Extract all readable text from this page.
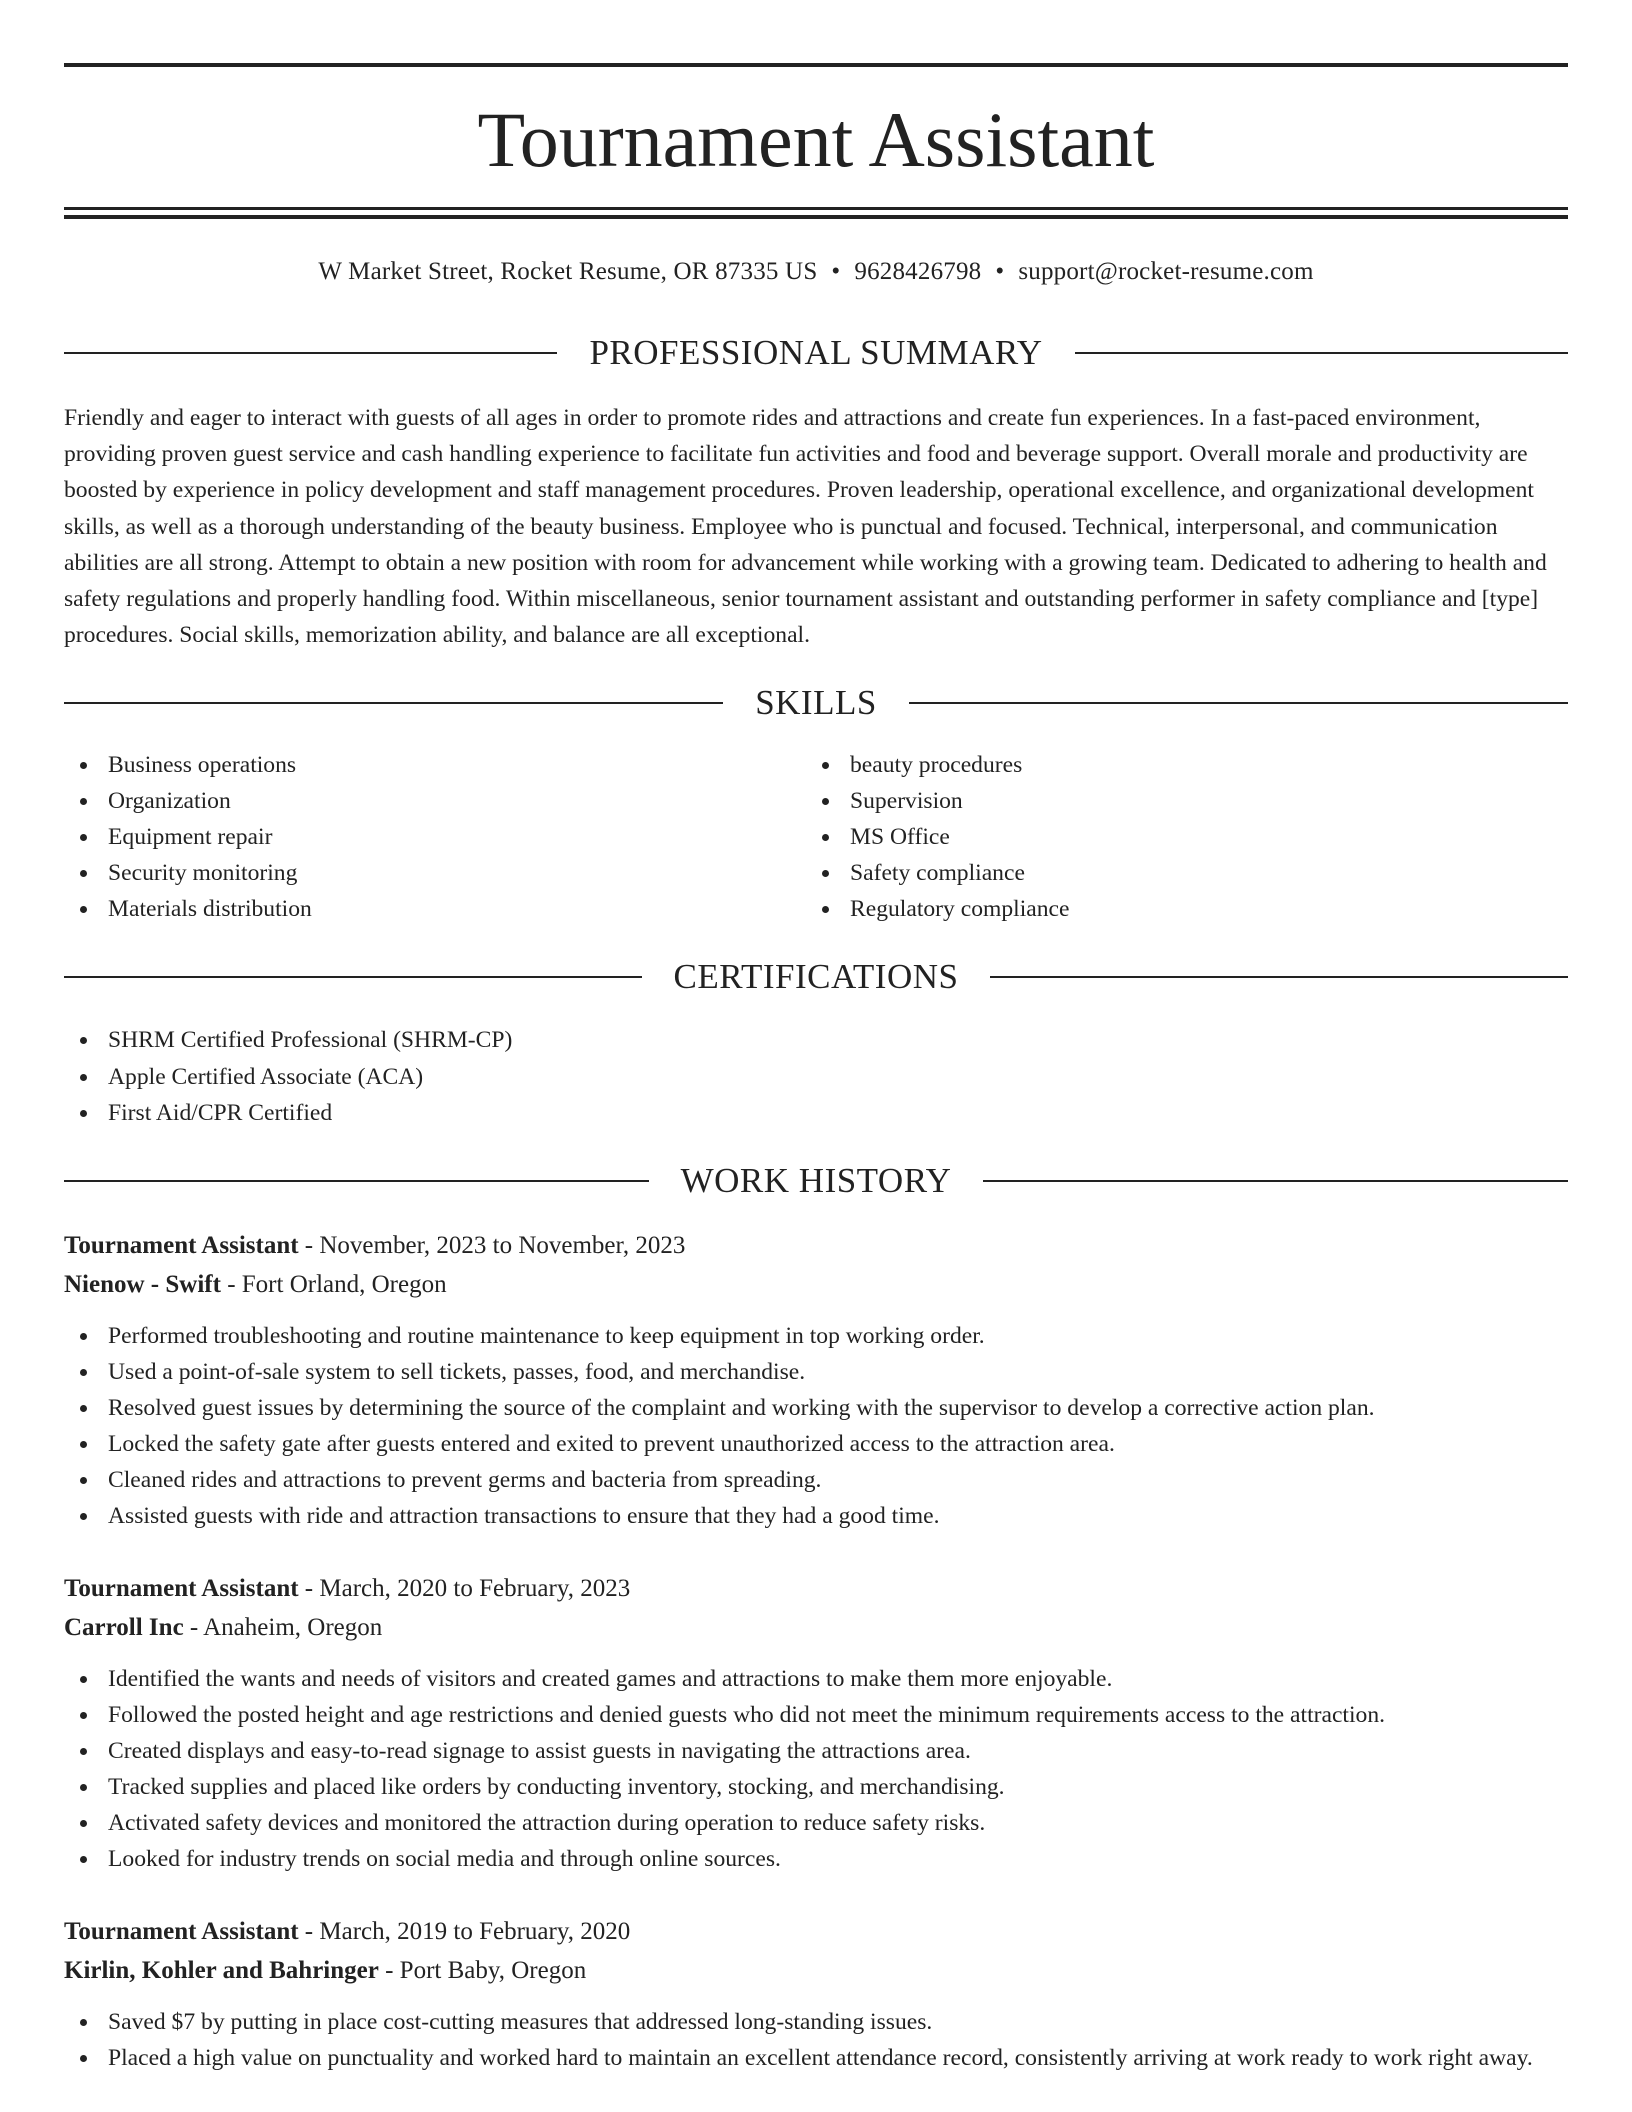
Tournament Assistant
W Market Street, Rocket Resume, OR 87335 US • 9628426798 • support@rocket-resume.com
PROFESSIONAL SUMMARY

Friendly and eager to interact with guests of all ages in order to promote rides and attractions and create fun experiences. In a fast-paced environment, providing proven guest service and cash handling experience to facilitate fun activities and food and beverage support. Overall morale and productivity are boosted by experience in policy development and staff management procedures. Proven leadership, operational excellence, and organizational development skills, as well as a thorough understanding of the beauty business. Employee who is punctual and focused. Technical, interpersonal, and communication abilities are all strong. Attempt to obtain a new position with room for advancement while working with a growing team. Dedicated to adhering to health and safety regulations and properly handling food. Within miscellaneous, senior tournament assistant and outstanding performer in safety compliance and [type] procedures. Social skills, memorization ability, and balance are all exceptional.

SKILLS
Business operations
Organization
Equipment repair
Security monitoring
Materials distribution
beauty procedures
Supervision
MS Office
Safety compliance
Regulatory compliance
CERTIFICATIONS
SHRM Certified Professional (SHRM-CP)
Apple Certified Associate (ACA)
First Aid/CPR Certified
WORK HISTORY
Tournament Assistant - November, 2023 to November, 2023
Nienow - Swift - Fort Orland, Oregon
Performed troubleshooting and routine maintenance to keep equipment in top working order.
Used a point-of-sale system to sell tickets, passes, food, and merchandise.
Resolved guest issues by determining the source of the complaint and working with the supervisor to develop a corrective action plan.
Locked the safety gate after guests entered and exited to prevent unauthorized access to the attraction area.
Cleaned rides and attractions to prevent germs and bacteria from spreading.
Assisted guests with ride and attraction transactions to ensure that they had a good time.
Tournament Assistant - March, 2020 to February, 2023
Carroll Inc - Anaheim, Oregon
Identified the wants and needs of visitors and created games and attractions to make them more enjoyable.
Followed the posted height and age restrictions and denied guests who did not meet the minimum requirements access to the attraction.
Created displays and easy-to-read signage to assist guests in navigating the attractions area.
Tracked supplies and placed like orders by conducting inventory, stocking, and merchandising.
Activated safety devices and monitored the attraction during operation to reduce safety risks.
Looked for industry trends on social media and through online sources.
Tournament Assistant - March, 2019 to February, 2020
Kirlin, Kohler and Bahringer - Port Baby, Oregon
Saved $7 by putting in place cost-cutting measures that addressed long-standing issues.
Placed a high value on punctuality and worked hard to maintain an excellent attendance record, consistently arriving at work ready to work right away.
